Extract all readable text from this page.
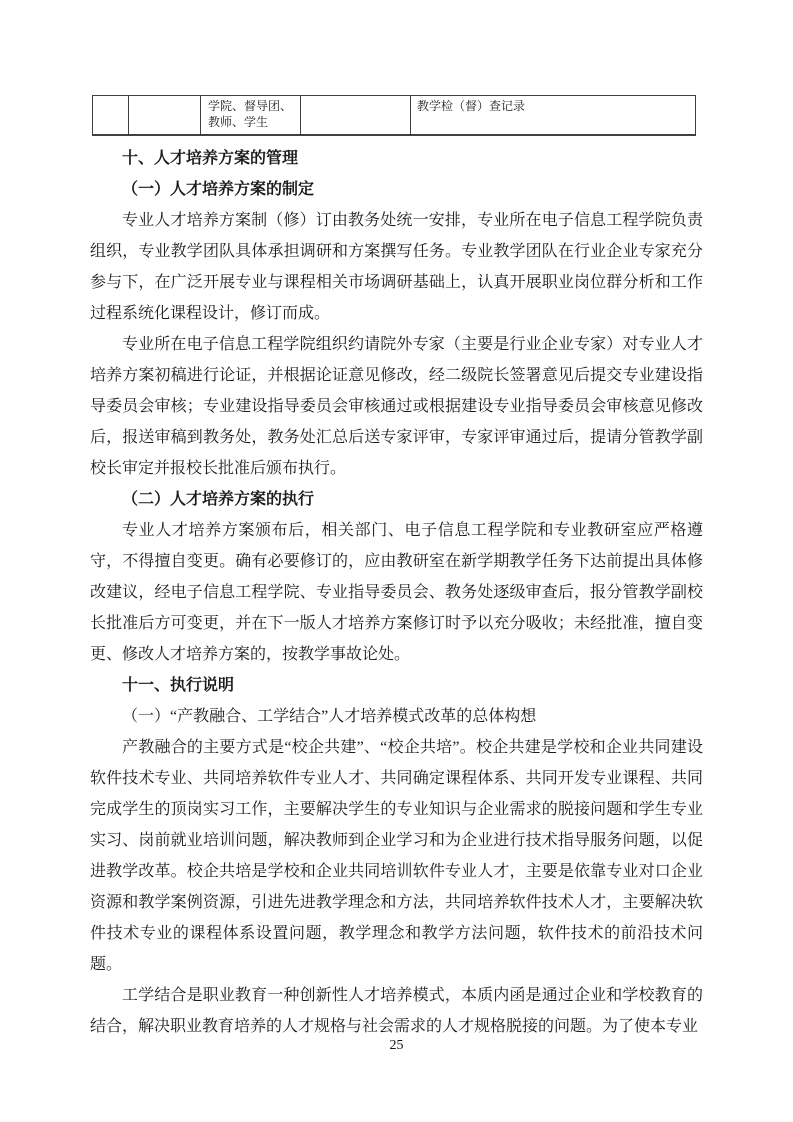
		学院、督导团、教师、学生		教学检（督）查记录
十、人才培养方案的管理
（一）人才培养方案的制定

专业人才培养方案制（修）订由教务处统一安排，专业所在电子信息工程学院负责组织，专业教学团队具体承担调研和方案撰写任务。专业教学团队在行业企业专家充分参与下，在广泛开展专业与课程相关市场调研基础上，认真开展职业岗位群分析和工作过程系统化课程设计，修订而成。

专业所在电子信息工程学院组织约请院外专家（主要是行业企业专家）对专业人才培养方案初稿进行论证，并根据论证意见修改，经二级院长签署意见后提交专业建设指导委员会审核；专业建设指导委员会审核通过或根据建设专业指导委员会审核意见修改后，报送审稿到教务处，教务处汇总后送专家评审，专家评审通过后，提请分管教学副校长审定并报校长批准后颁布执行。

（二）人才培养方案的执行

专业人才培养方案颁布后，相关部门、电子信息工程学院和专业教研室应严格遵守，不得擅自变更。确有必要修订的，应由教研室在新学期教学任务下达前提出具体修改建议，经电子信息工程学院、专业指导委员会、教务处逐级审查后，报分管教学副校长批准后方可变更，并在下一版人才培养方案修订时予以充分吸收；未经批准，擅自变更、修改人才培养方案的，按教学事故论处。

十一、执行说明

（一）“产教融合、工学结合”人才培养模式改革的总体构想

产教融合的主要方式是“校企共建”、“校企共培”。校企共建是学校和企业共同建设软件技术专业、共同培养软件专业人才、共同确定课程体系、共同开发专业课程、共同完成学生的顶岗实习工作，主要解决学生的专业知识与企业需求的脱接问题和学生专业实习、岗前就业培训问题，解决教师到企业学习和为企业进行技术指导服务问题，以促进教学改革。校企共培是学校和企业共同培训软件专业人才，主要是依靠专业对口企业资源和教学案例资源，引进先进教学理念和方法，共同培养软件技术人才，主要解决软件技术专业的课程体系设置问题，教学理念和教学方法问题，软件技术的前沿技术问题。

工学结合是职业教育一种创新性人才培养模式，本质内函是通过企业和学校教育的结合，解决职业教育培养的人才规格与社会需求的人才规格脱接的问题。为了使本专业

25
